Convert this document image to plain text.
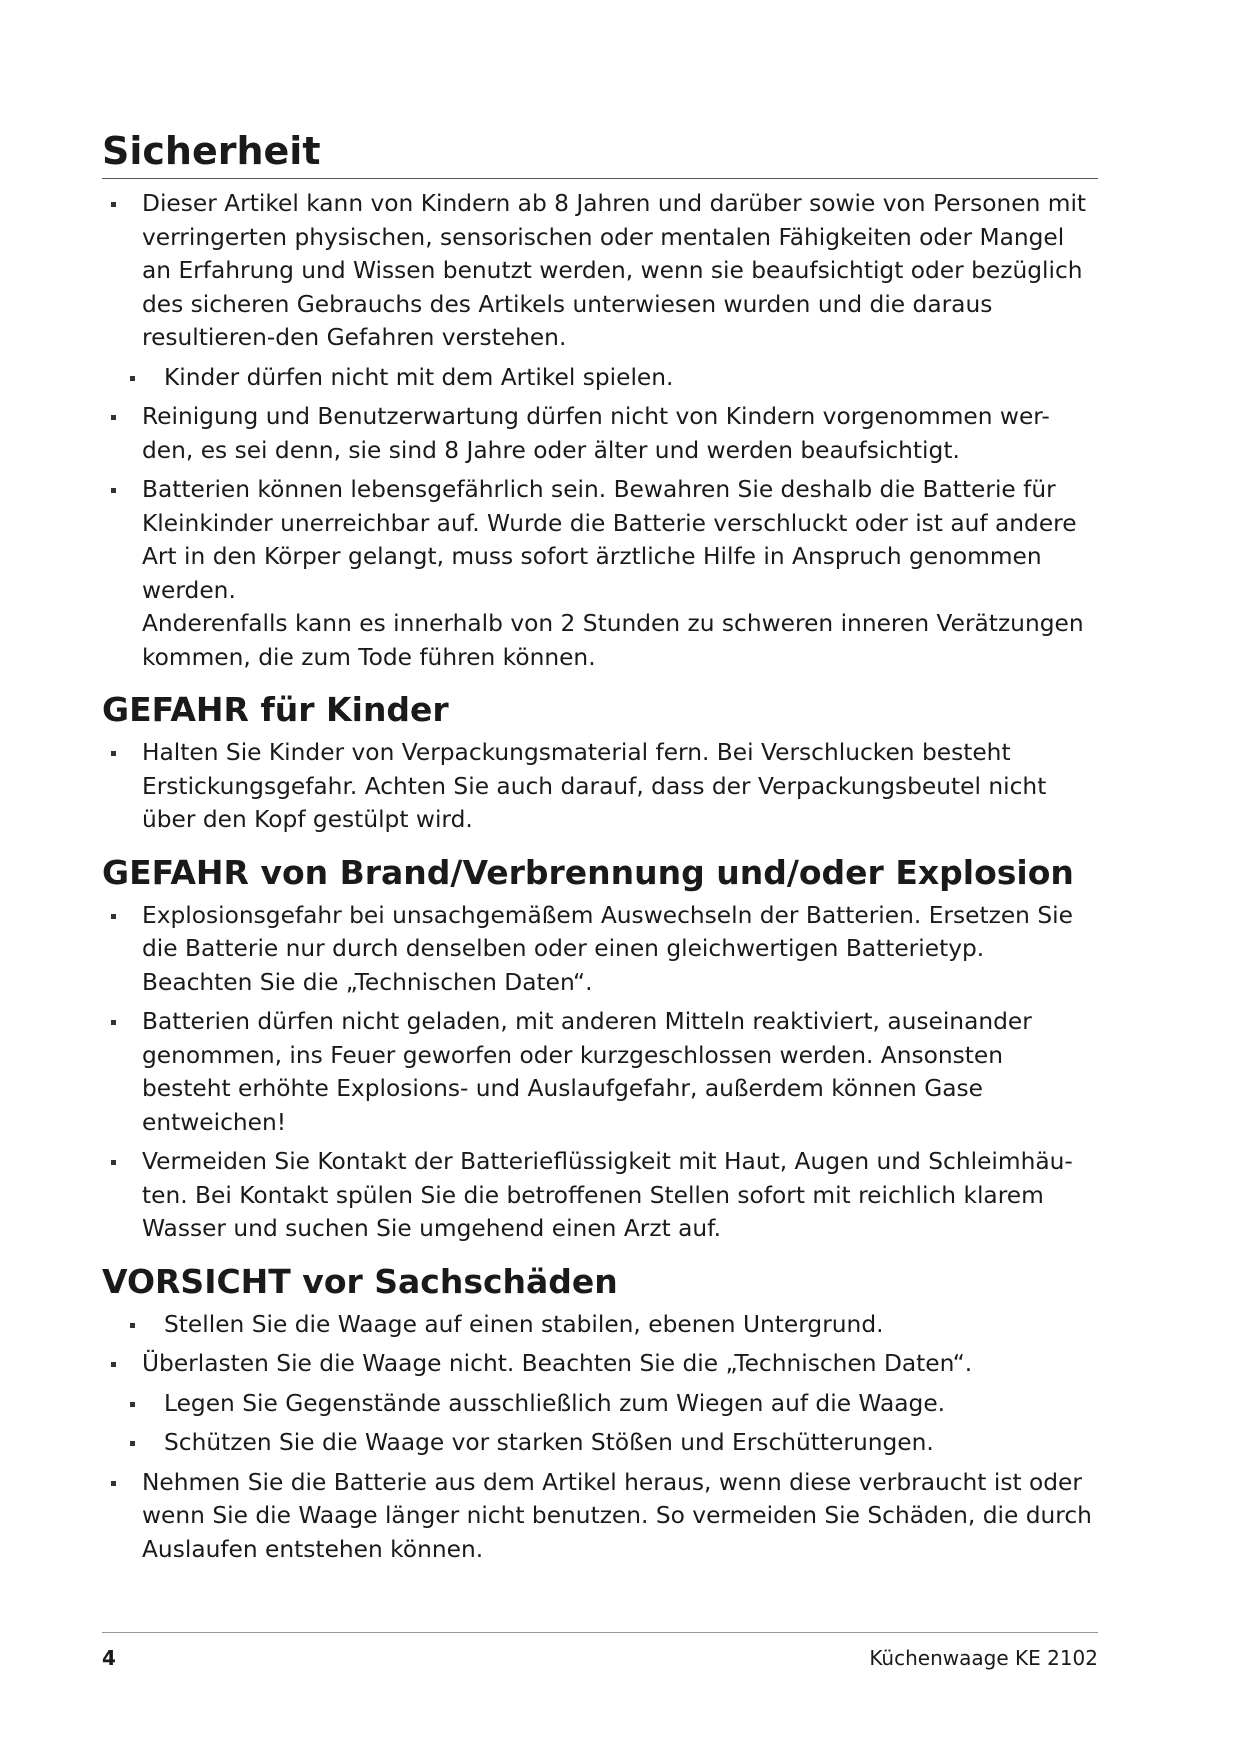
Sicherheit
Dieser Artikel kann von Kindern ab 8 Jahren und darüber sowie von Personen mit verringerten physischen, sensorischen oder mentalen Fähigkeiten oder Mangel an Erfahrung und Wissen benutzt werden, wenn sie beaufsichtigt oder bezüglich des sicheren Gebrauchs des Artikels unterwiesen wurden und die daraus resultieren-den Gefahren verstehen.
Kinder dürfen nicht mit dem Artikel spielen.
Reinigung und Benutzerwartung dürfen nicht von Kindern vorgenommen wer-den, es sei denn, sie sind 8 Jahre oder älter und werden beaufsichtigt.
Batterien können lebensgefährlich sein. Bewahren Sie deshalb die Batterie für Kleinkinder unerreichbar auf. Wurde die Batterie verschluckt oder ist auf andere Art in den Körper gelangt, muss sofort ärztliche Hilfe in Anspruch genommen werden.
Anderenfalls kann es innerhalb von 2 Stunden zu schweren inneren Verätzungen kommen, die zum Tode führen können.
GEFAHR für Kinder
Halten Sie Kinder von Verpackungsmaterial fern. Bei Verschlucken besteht Erstickungsgefahr. Achten Sie auch darauf, dass der Verpackungsbeutel nicht über den Kopf gestülpt wird.
GEFAHR von Brand/Verbrennung und/oder Explosion
Explosionsgefahr bei unsachgemäßem Auswechseln der Batterien. Ersetzen Sie die Batterie nur durch denselben oder einen gleichwertigen Batterietyp. Beachten Sie die „Technischen Daten“.
Batterien dürfen nicht geladen, mit anderen Mitteln reaktiviert, auseinander genommen, ins Feuer geworfen oder kurzgeschlossen werden. Ansonsten besteht erhöhte Explosions- und Auslaufgefahr, außerdem können Gase entweichen!
Vermeiden Sie Kontakt der Batterieflüssigkeit mit Haut, Augen und Schleimhäu-ten. Bei Kontakt spülen Sie die betroffenen Stellen sofort mit reichlich klarem Wasser und suchen Sie umgehend einen Arzt auf.
VORSICHT vor Sachschäden
Stellen Sie die Waage auf einen stabilen, ebenen Untergrund.
Überlasten Sie die Waage nicht. Beachten Sie die „Technischen Daten“.
Legen Sie Gegenstände ausschließlich zum Wiegen auf die Waage.
Schützen Sie die Waage vor starken Stößen und Erschütterungen.
Nehmen Sie die Batterie aus dem Artikel heraus, wenn diese verbraucht ist oder wenn Sie die Waage länger nicht benutzen. So vermeiden Sie Schäden, die durch Auslaufen entstehen können.
4	Küchenwaage KE 2102
